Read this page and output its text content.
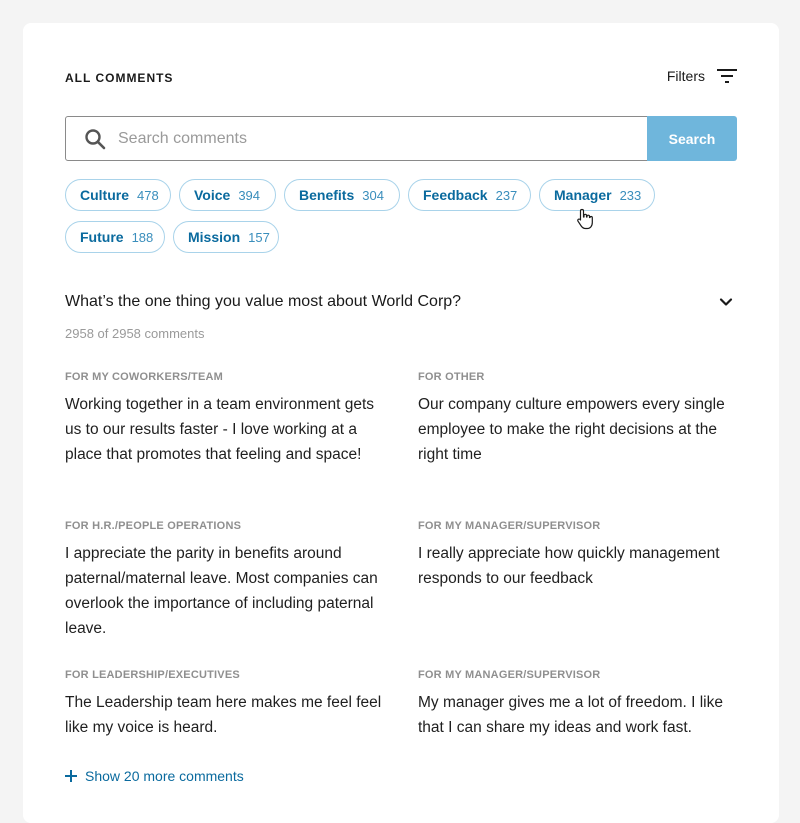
ALL COMMENTS	Filters
Search comments
Search
Culture 478	Voice 394	Benefits 304	Feedback 237	Manager 233
Future 188 Mission 157
What’s the one thing you value most about World Corp?
2958 of 2958 comments
FOR MY COWORKERS/TEAM
Working together in a team environment gets us to our results faster - I love working at a place that promotes that feeling and space!
FOR OTHER
Our company culture empowers every single employee to make the right decisions at the right time
FOR H.R./PEOPLE OPERATIONS
I appreciate the parity in benefits around paternal/maternal leave. Most companies can overlook the importance of including paternal leave.
FOR MY MANAGER/SUPERVISOR
I really appreciate how quickly management responds to our feedback
FOR LEADERSHIP/EXECUTIVES
The Leadership team here makes me feel feel like my voice is heard.
FOR MY MANAGER/SUPERVISOR
My manager gives me a lot of freedom. I like that I can share my ideas and work fast.
Show 20 more comments
